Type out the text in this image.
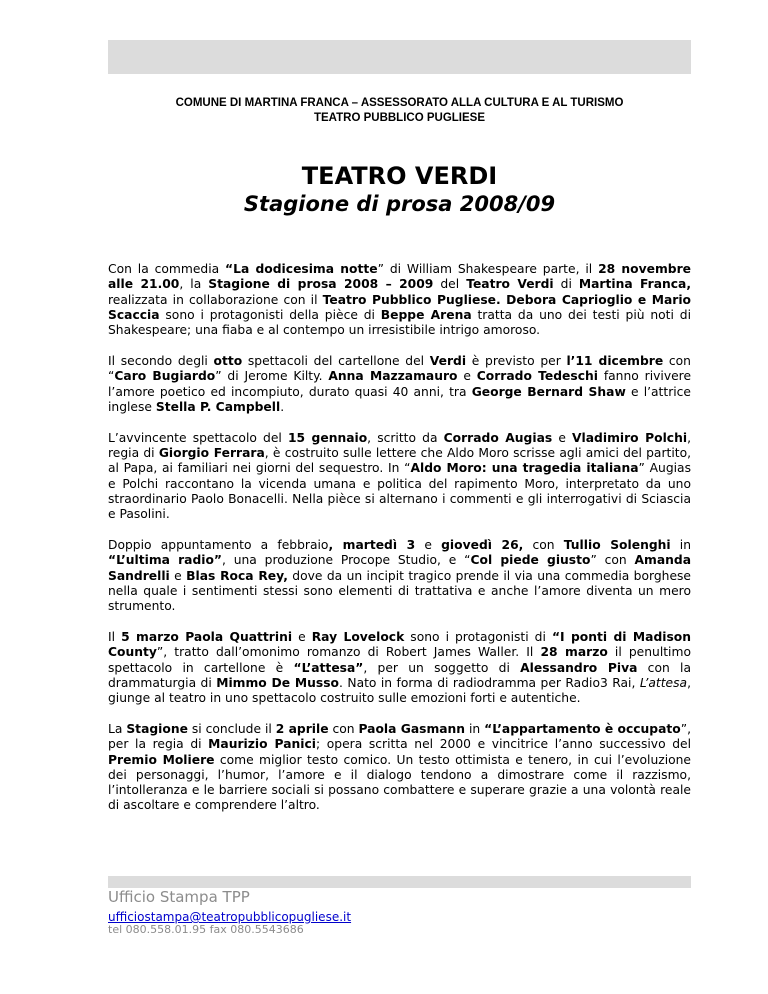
COMUNE DI MARTINA FRANCA – ASSESSORATO ALLA CULTURA E AL TURISMO
TEATRO PUBBLICO PUGLIESE
TEATRO VERDI
Stagione di prosa 2008/09

Con la commedia “La dodicesima notte” di William Shakespeare parte, il 28 novembre alle 21.00, la Stagione di prosa 2008 – 2009 del Teatro Verdi di Martina Franca, realizzata in collaborazione con il Teatro Pubblico Pugliese. Debora Caprioglio e Mario Scaccia sono i protagonisti della pièce di Beppe Arena tratta da uno dei testi più noti di Shakespeare; una fiaba e al contempo un irresistibile intrigo amoroso.

Il secondo degli otto spettacoli del cartellone del Verdi è previsto per l’11 dicembre con “Caro Bugiardo” di Jerome Kilty. Anna Mazzamauro e Corrado Tedeschi fanno rivivere l’amore poetico ed incompiuto, durato quasi 40 anni, tra George Bernard Shaw e l’attrice inglese Stella P. Campbell.

L’avvincente spettacolo del 15 gennaio, scritto da Corrado Augias e Vladimiro Polchi, regia di Giorgio Ferrara, è costruito sulle lettere che Aldo Moro scrisse agli amici del partito, al Papa, ai familiari nei giorni del sequestro. In “Aldo Moro: una tragedia italiana” Augias e Polchi raccontano la vicenda umana e politica del rapimento Moro, interpretato da uno straordinario Paolo Bonacelli. Nella pièce si alternano i commenti e gli interrogativi di Sciascia e Pasolini.

Doppio appuntamento a febbraio, martedì 3 e giovedì 26, con Tullio Solenghi in “L’ultima radio”, una produzione Procope Studio, e “Col piede giusto” con Amanda Sandrelli e Blas Roca Rey, dove da un incipit tragico prende il via una commedia borghese nella quale i sentimenti stessi sono elementi di trattativa e anche l’amore diventa un mero strumento.

Il 5 marzo Paola Quattrini e Ray Lovelock sono i protagonisti di “I ponti di Madison County”, tratto dall’omonimo romanzo di Robert James Waller. Il 28 marzo il penultimo spettacolo in cartellone è “L’attesa”, per un soggetto di Alessandro Piva con la drammaturgia di Mimmo De Musso. Nato in forma di radiodramma per Radio3 Rai, L’attesa, giunge al teatro in uno spettacolo costruito sulle emozioni forti e autentiche.

La Stagione si conclude il 2 aprile con Paola Gasmann in “L’appartamento è occupato”, per la regia di Maurizio Panici; opera scritta nel 2000 e vincitrice l’anno successivo del Premio Moliere come miglior testo comico. Un testo ottimista e tenero, in cui l’evoluzione dei personaggi, l’humor, l’amore e il dialogo tendono a dimostrare come il razzismo, l’intolleranza e le barriere sociali si possano combattere e superare grazie a una volontà reale di ascoltare e comprendere l’altro.

Ufficio Stampa TPP
ufficiostampa@teatropubblicopugliese.it
tel 080.558.01.95 fax 080.5543686
